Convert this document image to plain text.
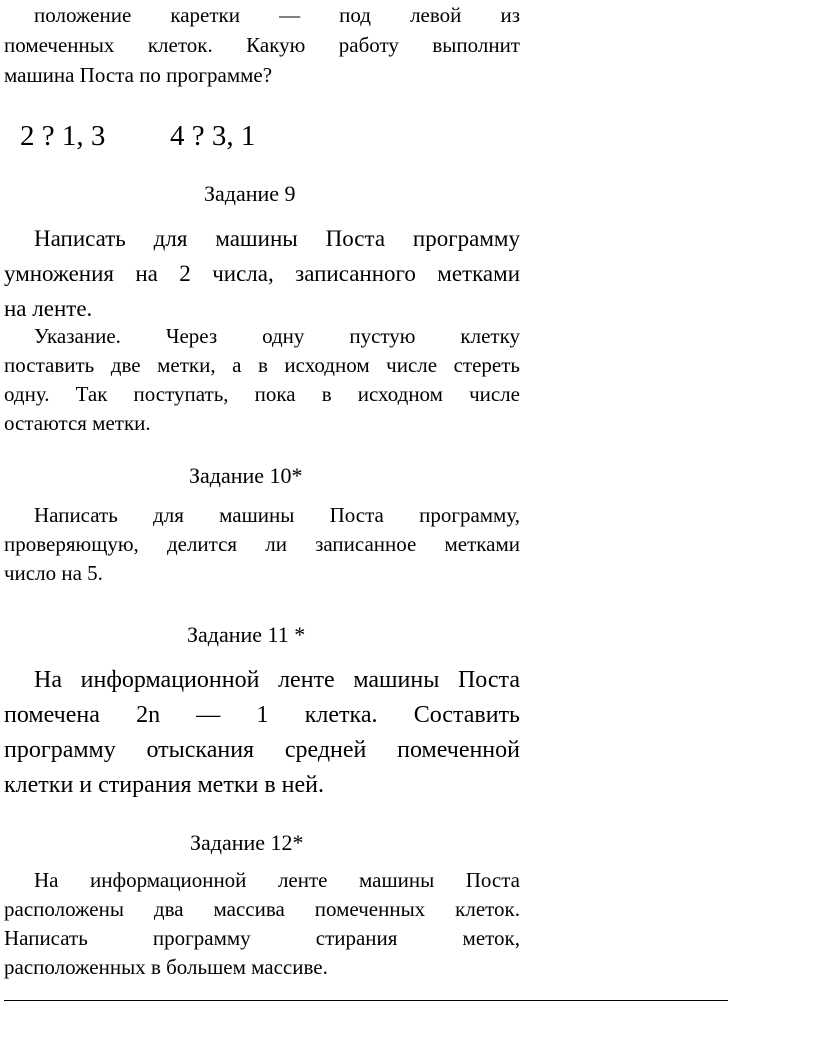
положение каретки — под левой из
помеченных клеток. Какую работу выполнит
машина Поста по программе?
2 ? 1, 3 4 ? 3, 1
Задание 9
Написать для машины Поста программу
умножения на 2 числа, записанного метками
на ленте.
Указание. Через одну пустую клетку
поставить две метки, а в исходном числе стереть
одну. Так поступать, пока в исходном числе
остаются метки.
Задание 10*
Написать для машины Поста программу,
проверяющую, делится ли записанное метками
число на 5.
Задание 11 *
На информационной ленте машины Поста
помечена 2n — 1 клетка. Составить
программу отыскания средней помеченной
клетки и стирания метки в ней.
Задание 12*
На информационной ленте машины Поста
расположены два массива помеченных клеток.
Написать программу стирания меток,
расположенных в большем массиве.
